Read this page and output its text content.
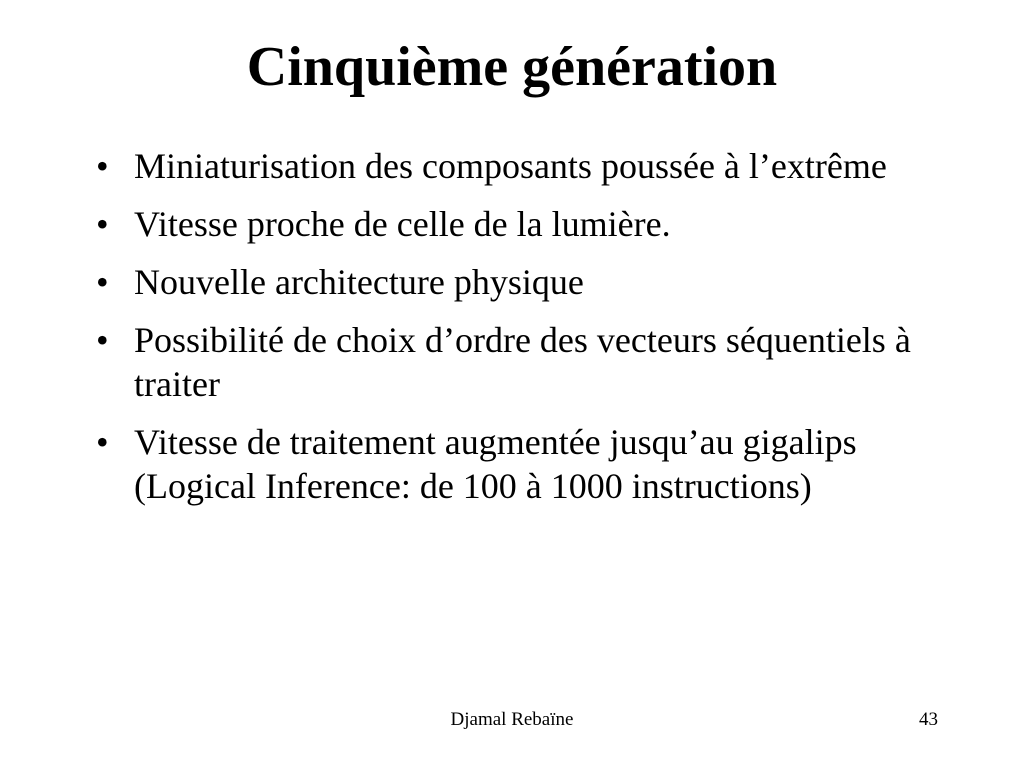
Cinquième génération
• Miniaturisation des composants poussée à l’extrême
• Vitesse proche de celle de la lumière.
• Nouvelle architecture physique
• Possibilité de choix d’ordre des vecteurs séquentiels à traiter
• Vitesse de traitement augmentée jusqu’au gigalips (Logical Inference: de 100 à 1000 instructions)
Djamal Rebaïne	43
